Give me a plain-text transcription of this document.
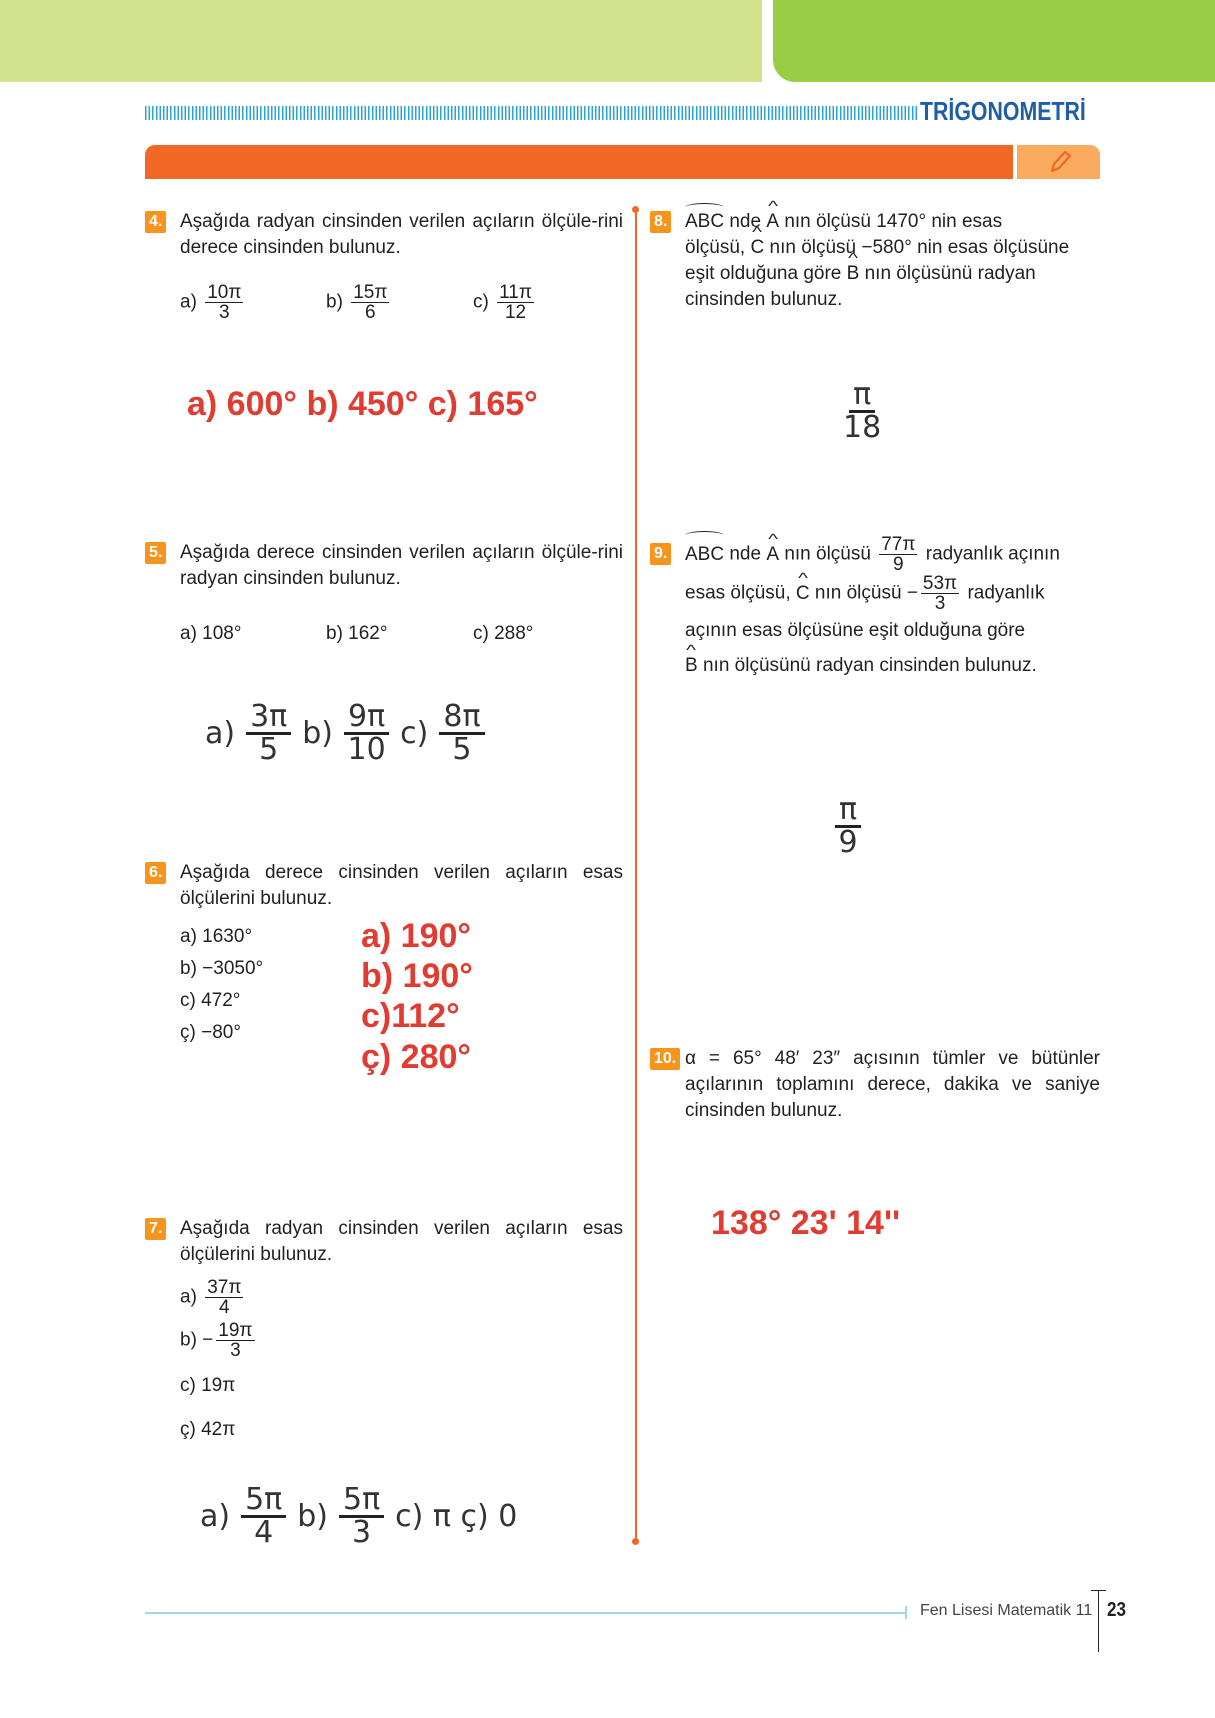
TRİGONOMETRİ
4. Aşağıda radyan cinsinden verilen açıların ölçüle-rini derece cinsinden bulunuz.
$a) \frac{10\pi}{3}$	$b) \frac{15\pi}{6}$	$c) \frac{11\pi}{12}$
a) 600° b) 450° c) 165°
5. Aşağıda derece cinsinden verilen açıların ölçüle-rini radyan cinsinden bulunuz.
a) 108°	b) 162°	c) 288°
$a) \frac{3\pi}{5} b) \frac{9\pi}{10} c) \frac{8\pi}{5}$
6. Aşağıda derece cinsinden verilen açıların esas ölçülerini bulunuz.
a) 1630°
b) −3050°
c) 472°
ç) −80°
a) 190°
b) 190°
c)112°
ç) 280°
7. Aşağıda radyan cinsinden verilen açıların esas ölçülerini bulunuz.
$a) \frac{37\pi}{4}$
$b) - \frac{19\pi}{3}$
c) 19π
ç) 42π
$a) \frac{5\pi}{4} b) \frac{5\pi}{3} c$) π ç) 0
8. ABC nde ^ A nın ölçüsü 1470° nin esas
ölçüsü, ^ C nın ölçüsü −580° nin esas ölçüsüne
eşit olduğuna göre ^ B nın ölçüsünü radyan
cinsinden bulunuz.
$\frac{\pi}{18}$
9. ABC nde ^ A nın ölçüsü $\frac{77\pi}{9}$ radyanlık açının
esas ölçüsü, ^ C nın ölçüsü − $\frac{53\pi}{3}$ radyanlık
açının esas ölçüsüne eşit olduğuna göre
^ B nın ölçüsünü radyan cinsinden bulunuz.
$\frac{\pi}{9}$
10. α = 65° 48′ 23″ açısının tümler ve bütünler açılarının toplamını derece, dakika ve saniye cinsinden bulunuz.
138° 23' 14''
Fen Lisesi Matematik 11 23
